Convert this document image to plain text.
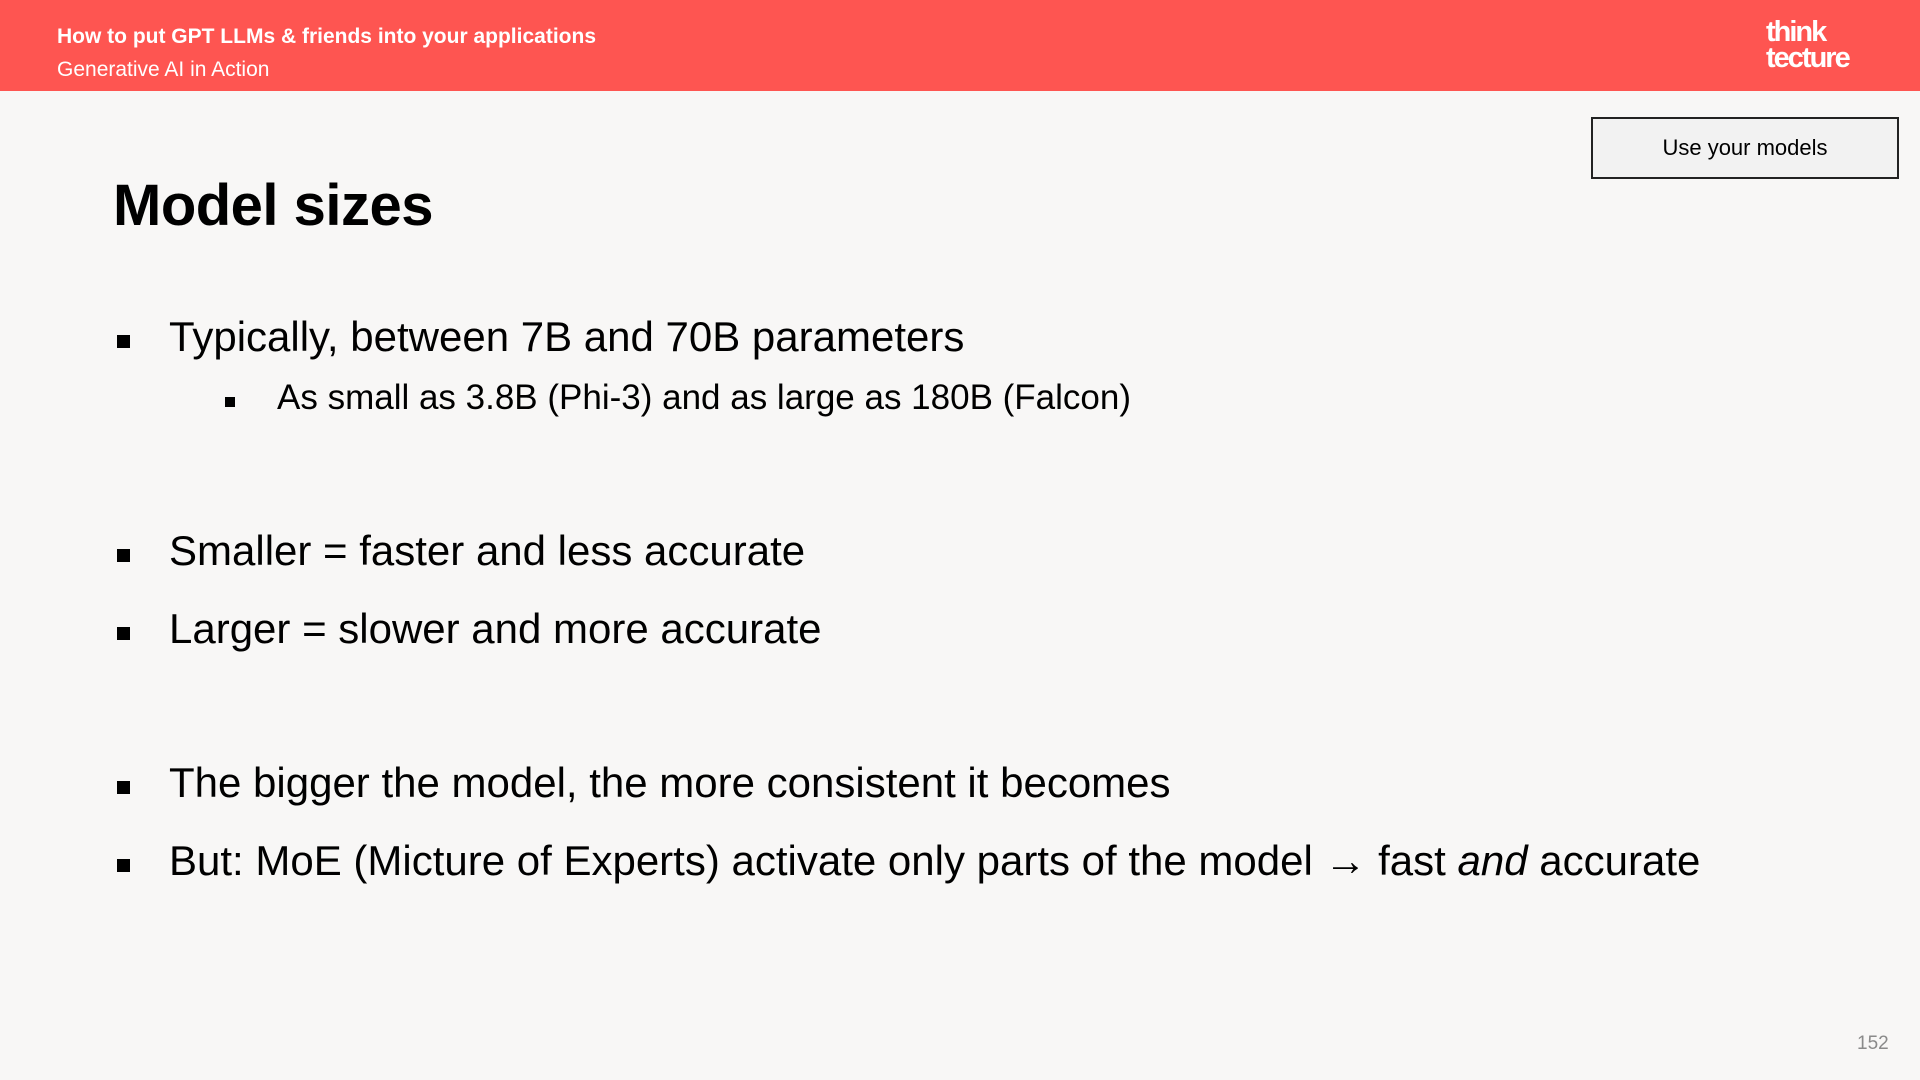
How to put GPT LLMs & friends into your applications
Generative AI in Action
think
tecture
Use your models
Model sizes
Typically, between 7B and 70B parameters
As small as 3.8B (Phi-3) and as large as 180B (Falcon)
Smaller = faster and less accurate
Larger = slower and more accurate
The bigger the model, the more consistent it becomes
But: MoE (Micture of Experts) activate only parts of the model → fast and accurate
152
